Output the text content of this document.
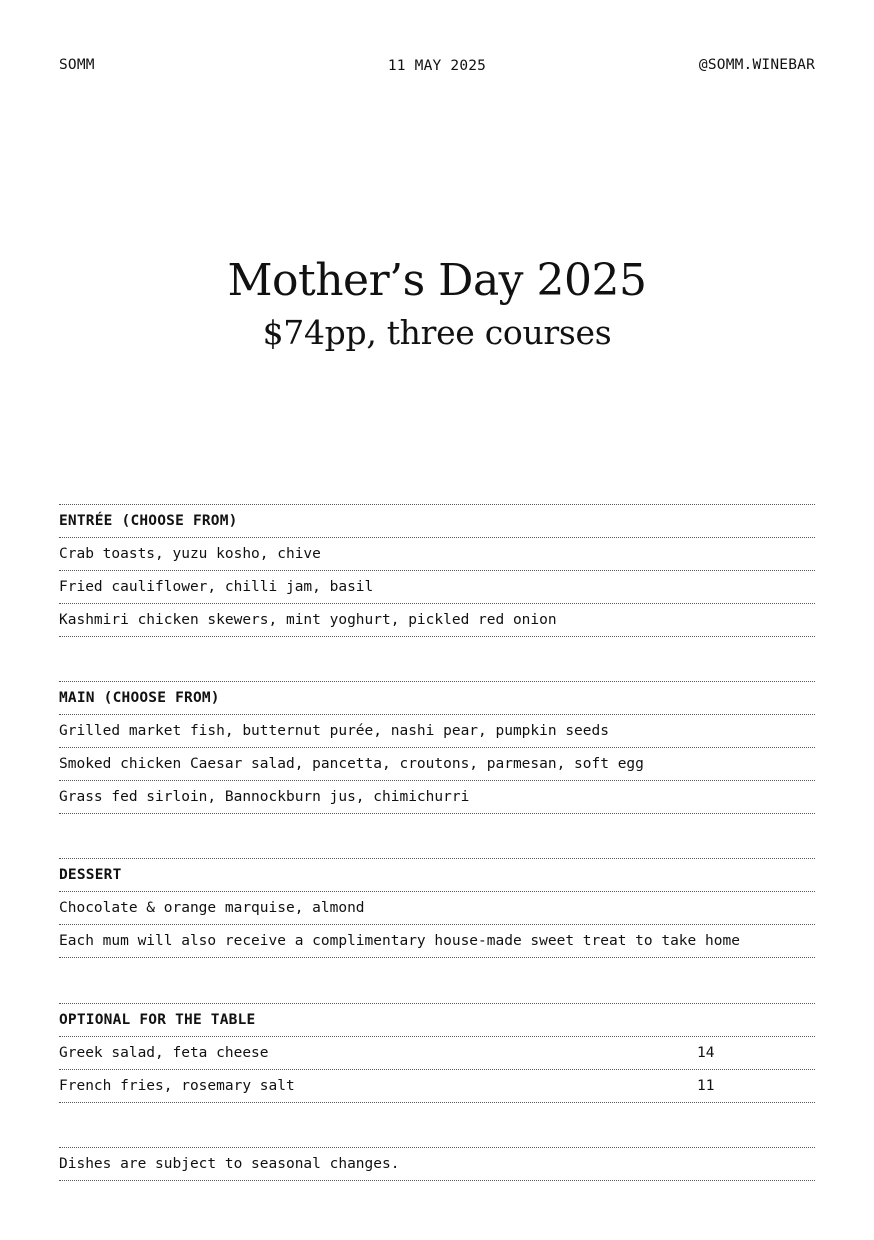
SOMM	11 MAY 2025	@SOMM.WINEBAR
Mother’s Day 2025
$74pp, three courses
ENTRÉE (CHOOSE FROM)
Crab toasts, yuzu kosho, chive
Fried cauliflower, chilli jam, basil
Kashmiri chicken skewers, mint yoghurt, pickled red onion
MAIN (CHOOSE FROM)
Grilled market fish, butternut purée, nashi pear, pumpkin seeds
Smoked chicken Caesar salad, pancetta, croutons, parmesan, soft egg
Grass fed sirloin, Bannockburn jus, chimichurri
DESSERT
Chocolate & orange marquise, almond
Each mum will also receive a complimentary house-made sweet treat to take home
OPTIONAL FOR THE TABLE
Greek salad, feta cheese	14
French fries, rosemary salt	11
Dishes are subject to seasonal changes.
